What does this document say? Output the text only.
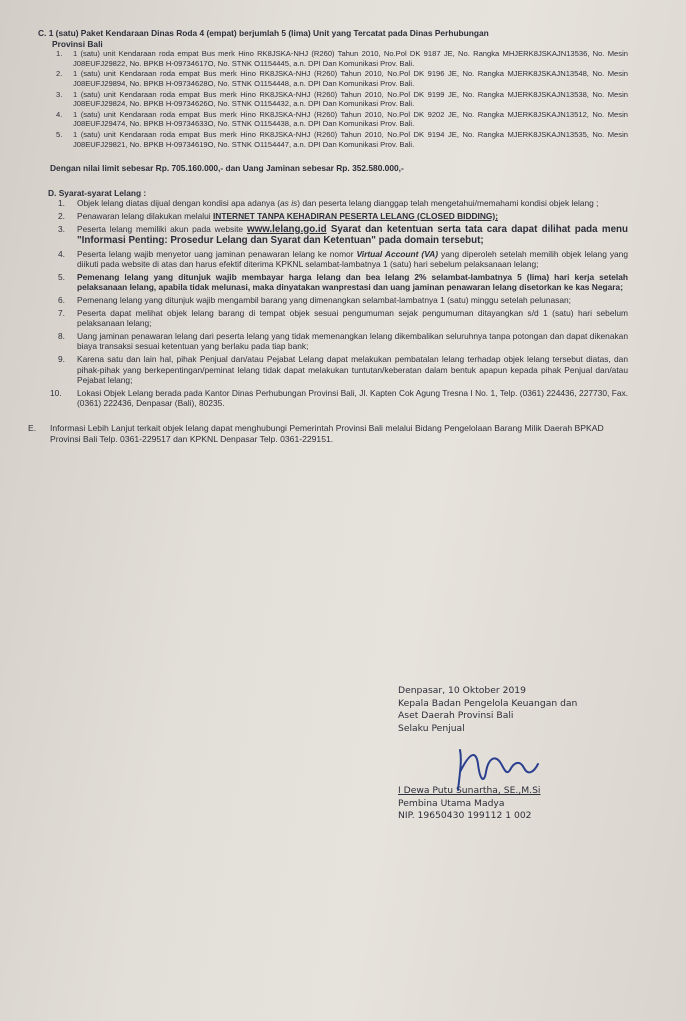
C. 1 (satu) Paket Kendaraan Dinas Roda 4 (empat) berjumlah 5 (lima) Unit yang Tercatat pada Dinas Perhubungan

Provinsi Bali

1. 1 (satu) unit Kendaraan roda empat Bus merk Hino RK8JSKA-NHJ (R260) Tahun 2010, No.Pol DK 9187 JE, No. Rangka MHJERK8JSKAJN13536, No. Mesin J08EUFJ29822, No. BPKB H-09734617O, No. STNK O1154445, a.n. DPI Dan Komunikasi Prov. Bali.
2. 1 (satu) unit Kendaraan roda empat Bus merk Hino RK8JSKA-NHJ (R260) Tahun 2010, No.Pol DK 9196 JE, No. Rangka MJERK8JSKAJN13548, No. Mesin J08EUFJ29894, No. BPKB H-09734628O, No. STNK O1154448, a.n. DPI Dan Komunikasi Prov. Bali.
3. 1 (satu) unit Kendaraan roda empat Bus merk Hino RK8JSKA-NHJ (R260) Tahun 2010, No.Pol DK 9199 JE, No. Rangka MJERK8JSKAJN13538, No. Mesin J08EUFJ29824, No. BPKB H-09734626O, No. STNK O1154432, a.n. DPI Dan Komunikasi Prov. Bali.
4. 1 (satu) unit Kendaraan roda empat Bus merk Hino RK8JSKA-NHJ (R260) Tahun 2010, No.Pol DK 9202 JE, No. Rangka MJERK8JSKAJN13512, No. Mesin J08EUFJ29474, No. BPKB H-09734633O, No. STNK O1154438, a.n. DPI Dan Komunikasi Prov. Bali.
5. 1 (satu) unit Kendaraan roda empat Bus merk Hino RK8JSKA-NHJ (R260) Tahun 2010, No.Pol DK 9194 JE, No. Rangka MJERK8JSKAJN13535, No. Mesin J08EUFJ29821, No. BPKB H-09734619O, No. STNK O1154447, a.n. DPI Dan Komunikasi Prov. Bali.

Dengan nilai limit sebesar Rp. 705.160.000,- dan Uang Jaminan sebesar Rp. 352.580.000,-

D. Syarat-syarat Lelang :

1. Objek lelang diatas dijual dengan kondisi apa adanya (as is) dan peserta lelang dianggap telah mengetahui/memahami kondisi objek lelang ;
2. Penawaran lelang dilakukan melalui INTERNET TANPA KEHADIRAN PESERTA LELANG (CLOSED BIDDING);
3. Peserta lelang memiliki akun pada website www.lelang.go.id Syarat dan ketentuan serta tata cara dapat dilihat pada menu "Informasi Penting: Prosedur Lelang dan Syarat dan Ketentuan" pada domain tersebut;
4. Peserta lelang wajib menyetor uang jaminan penawaran lelang ke nomor Virtual Account (VA) yang diperoleh setelah memilih objek lelang yang diikuti pada website di atas dan harus efektif diterima KPKNL selambat-lambatnya 1 (satu) hari sebelum pelaksanaan lelang;
5. Pemenang lelang yang ditunjuk wajib membayar harga lelang dan bea lelang 2% selambat-lambatnya 5 (lima) hari kerja setelah pelaksanaan lelang, apabila tidak melunasi, maka dinyatakan wanprestasi dan uang jaminan penawaran lelang disetorkan ke kas Negara;
6. Pemenang lelang yang ditunjuk wajib mengambil barang yang dimenangkan selambat-lambatnya 1 (satu) minggu setelah pelunasan;
7. Peserta dapat melihat objek lelang barang di tempat objek sesuai pengumuman sejak pengumuman ditayangkan s/d 1 (satu) hari sebelum pelaksanaan lelang;
8. Uang jaminan penawaran lelang dari peserta lelang yang tidak memenangkan lelang dikembalikan seluruhnya tanpa potongan dan dapat dikenakan biaya transaksi sesuai ketentuan yang berlaku pada tiap bank;
9. Karena satu dan lain hal, pihak Penjual dan/atau Pejabat Lelang dapat melakukan pembatalan lelang terhadap objek lelang tersebut diatas, dan pihak-pihak yang berkepentingan/peminat lelang tidak dapat melakukan tuntutan/keberatan dalam bentuk apapun kepada pihak Penjual dan/atau Pejabat lelang;
10. Lokasi Objek Lelang berada pada Kantor Dinas Perhubungan Provinsi Bali, Jl. Kapten Cok Agung Tresna I No. 1, Telp. (0361) 224436, 227730, Fax. (0361) 222436, Denpasar (Bali), 80235.
E. Informasi Lebih Lanjut terkait objek lelang dapat menghubungi Pemerintah Provinsi Bali melalui Bidang Pengelolaan Barang Milik Daerah BPKAD Provinsi Bali Telp. 0361-229517 dan KPKNL Denpasar Telp. 0361-229151.
Denpasar, 10 Oktober 2019
Kepala Badan Pengelola Keuangan dan
Aset Daerah Provinsi Bali
Selaku Penjual
I Dewa Putu Sunartha, SE.,M.Si
Pembina Utama Madya
NIP. 19650430 199112 1 002
